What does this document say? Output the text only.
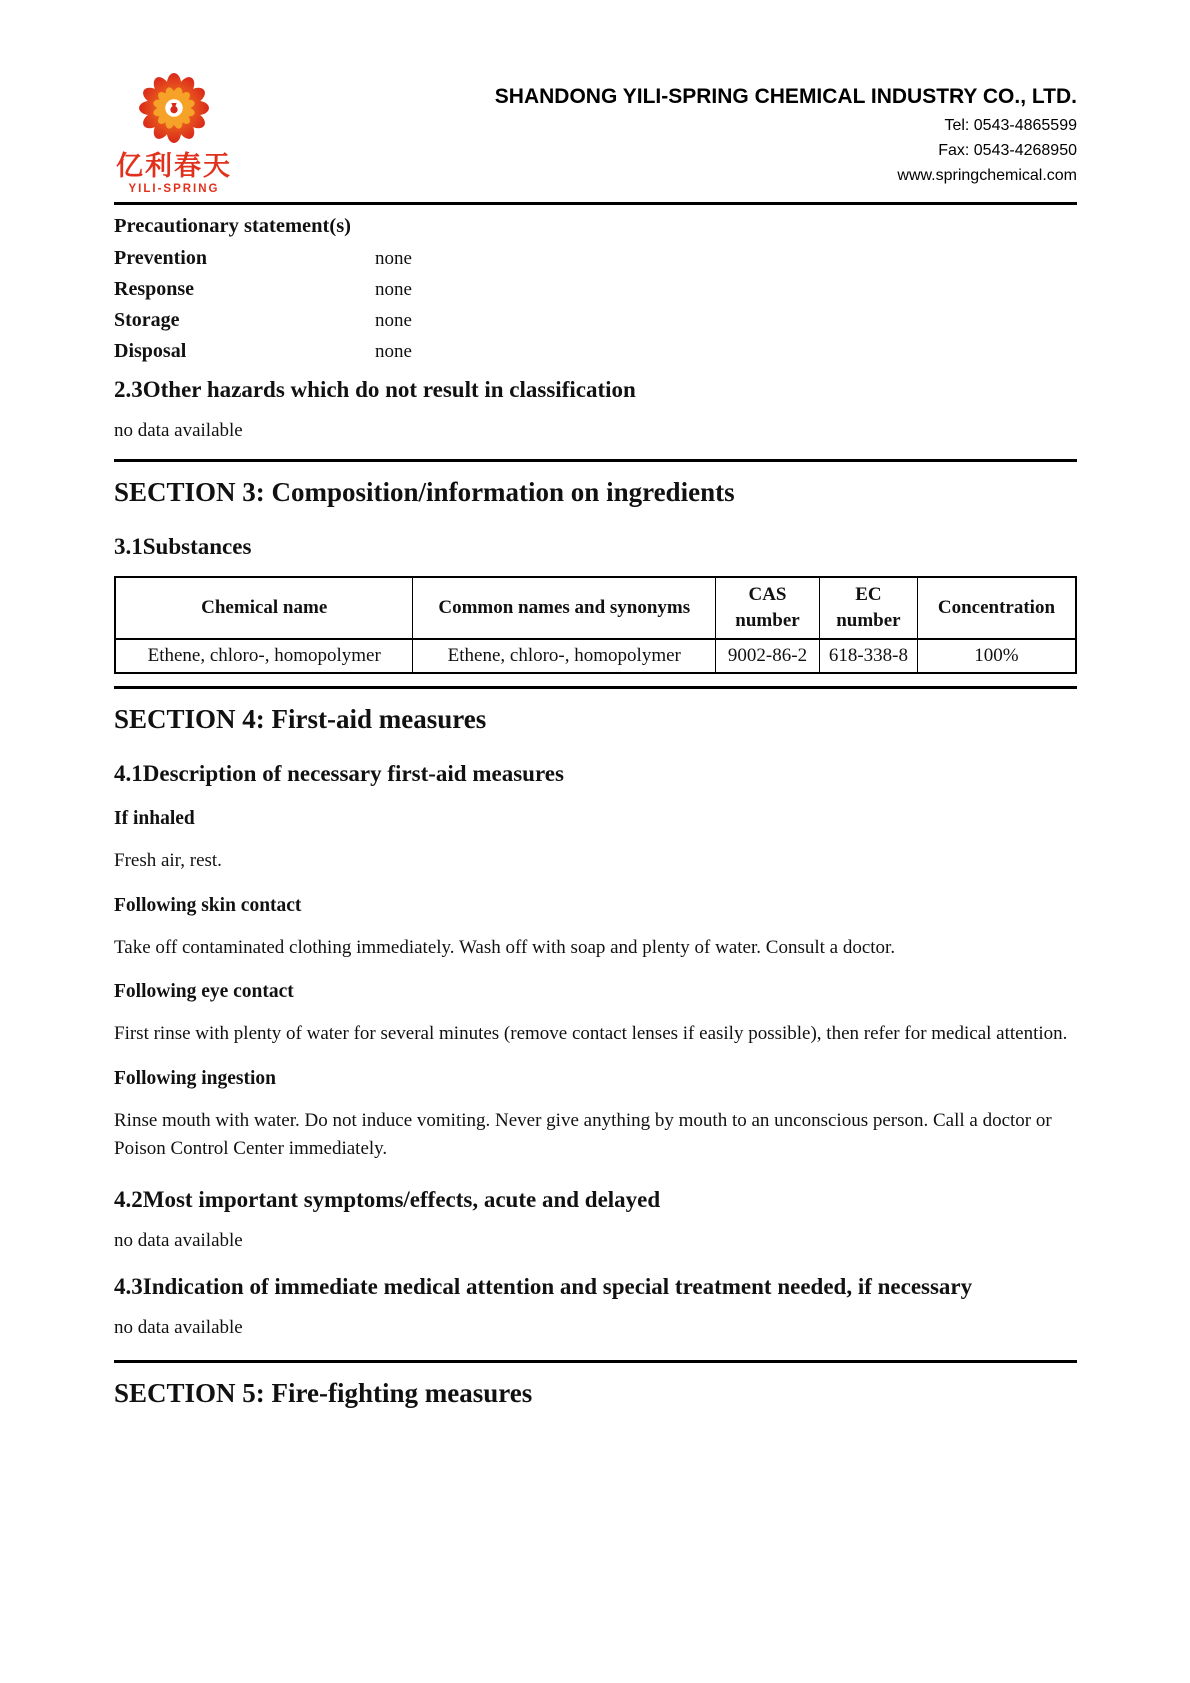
亿利春天
YILI-SPRING
SHANDONG YILI-SPRING CHEMICAL INDUSTRY CO., LTD.
Tel: 0543-4865599
Fax: 0543-4268950
www.springchemical.com
Precautionary statement(s)
Prevention	none
Response	none
Storage	none
Disposal	none
2.3Other hazards which do not result in classification
no data available
SECTION 3: Composition/information on ingredients
3.1Substances
Chemical name	Common names and synonyms	CAS number	EC number	Concentration
Ethene, chloro-, homopolymer	Ethene, chloro-, homopolymer	9002-86-2	618-338-8	100%
SECTION 4: First-aid measures
4.1Description of necessary first-aid measures
If inhaled
Fresh air, rest.
Following skin contact
Take off contaminated clothing immediately. Wash off with soap and plenty of water. Consult a doctor.
Following eye contact
First rinse with plenty of water for several minutes (remove contact lenses if easily possible), then refer for medical attention.
Following ingestion
Rinse mouth with water. Do not induce vomiting. Never give anything by mouth to an unconscious person. Call a doctor or Poison Control Center immediately.
4.2Most important symptoms/effects, acute and delayed
no data available
4.3Indication of immediate medical attention and special treatment needed, if necessary
no data available
SECTION 5: Fire-fighting measures
